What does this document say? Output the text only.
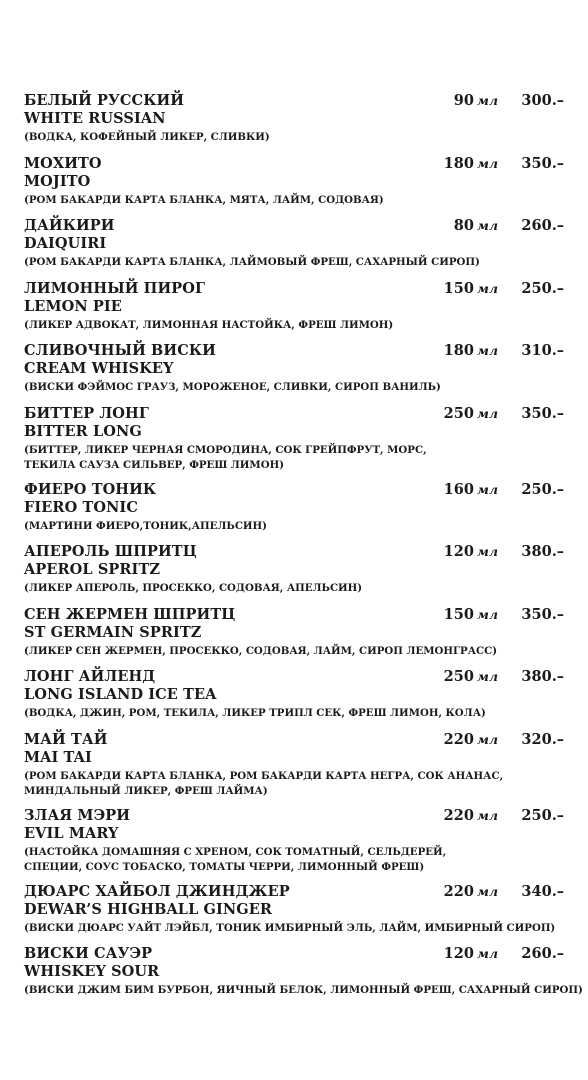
БЕЛЫЙ РУССКИЙ
WHITE RUSSIAN
(ВОДКА, КОФЕЙНЫЙ ЛИКЕР, СЛИВКИ)
90 мл 300.–
МОХИТО
MOJITO
(РОМ БАКАРДИ КАРТА БЛАНКА, МЯТА, ЛАЙМ, СОДОВАЯ)
180 мл 350.–
ДАЙКИРИ
DAIQUIRI
(РОМ БАКАРДИ КАРТА БЛАНКА, ЛАЙМОВЫЙ ФРЕШ, САХАРНЫЙ СИРОП)
80 мл 260.–
ЛИМОННЫЙ ПИРОГ
LEMON PIE
(ЛИКЕР АДВОКАТ, ЛИМОННАЯ НАСТОЙКА, ФРЕШ ЛИМОН)
150 мл 250.–
СЛИВОЧНЫЙ ВИСКИ
CREAM WHISKEY
(ВИСКИ ФЭЙМОС ГРАУЗ, МОРОЖЕНОЕ, СЛИВКИ, СИРОП ВАНИЛЬ)
180 мл 310.–
БИТТЕР ЛОНГ
BITTER LONG
(БИТТЕР, ЛИКЕР ЧЕРНАЯ СМОРОДИНА, СОК ГРЕЙПФРУТ, МОРС,
ТЕКИЛА САУЗА СИЛЬВЕР, ФРЕШ ЛИМОН)
250 мл 350.–
ФИЕРО ТОНИК
FIERO TONIC
(МАРТИНИ ФИЕРО,ТОНИК,АПЕЛЬСИН)
160 мл 250.–
АПЕРОЛЬ ШПРИТЦ
APEROL SPRITZ
(ЛИКЕР АПЕРОЛЬ, ПРОСЕККО, СОДОВАЯ, АПЕЛЬСИН)
120 мл 380.–
СЕН ЖЕРМЕН ШПРИТЦ
ST GERMAIN SPRITZ
(ЛИКЕР СЕН ЖЕРМЕН, ПРОСЕККО, СОДОВАЯ, ЛАЙМ, СИРОП ЛЕМОНГРАСС)
150 мл 350.–
ЛОНГ АЙЛЕНД
LONG ISLAND ICE TEA
(ВОДКА, ДЖИН, РОМ, ТЕКИЛА, ЛИКЕР ТРИПЛ СЕК, ФРЕШ ЛИМОН, КОЛА)
250 мл 380.–
МАЙ ТАЙ
MAI TAI
(РОМ БАКАРДИ КАРТА БЛАНКА, РОМ БАКАРДИ КАРТА НЕГРА, СОК АНАНАС,
МИНДАЛЬНЫЙ ЛИКЕР, ФРЕШ ЛАЙМА)
220 мл 320.–
ЗЛАЯ МЭРИ
EVIL MARY
(НАСТОЙКА ДОМАШНЯЯ С ХРЕНОМ, СОК ТОМАТНЫЙ, СЕЛЬДЕРЕЙ,
СПЕЦИИ, СОУС ТОБАСКО, ТОМАТЫ ЧЕРРИ, ЛИМОННЫЙ ФРЕШ)
220 мл 250.–
ДЮАРС ХАЙБОЛ ДЖИНДЖЕР
DEWAR’S HIGHBALL GINGER
(ВИСКИ ДЮАРС УАЙТ ЛЭЙБЛ, ТОНИК ИМБИРНЫЙ ЭЛЬ, ЛАЙМ, ИМБИРНЫЙ СИРОП)
220 мл 340.–
ВИСКИ САУЭР
WHISKEY SOUR
(ВИСКИ ДЖИМ БИМ БУРБОН, ЯИЧНЫЙ БЕЛОК, ЛИМОННЫЙ ФРЕШ, САХАРНЫЙ СИРОП)
120 мл 260.–
